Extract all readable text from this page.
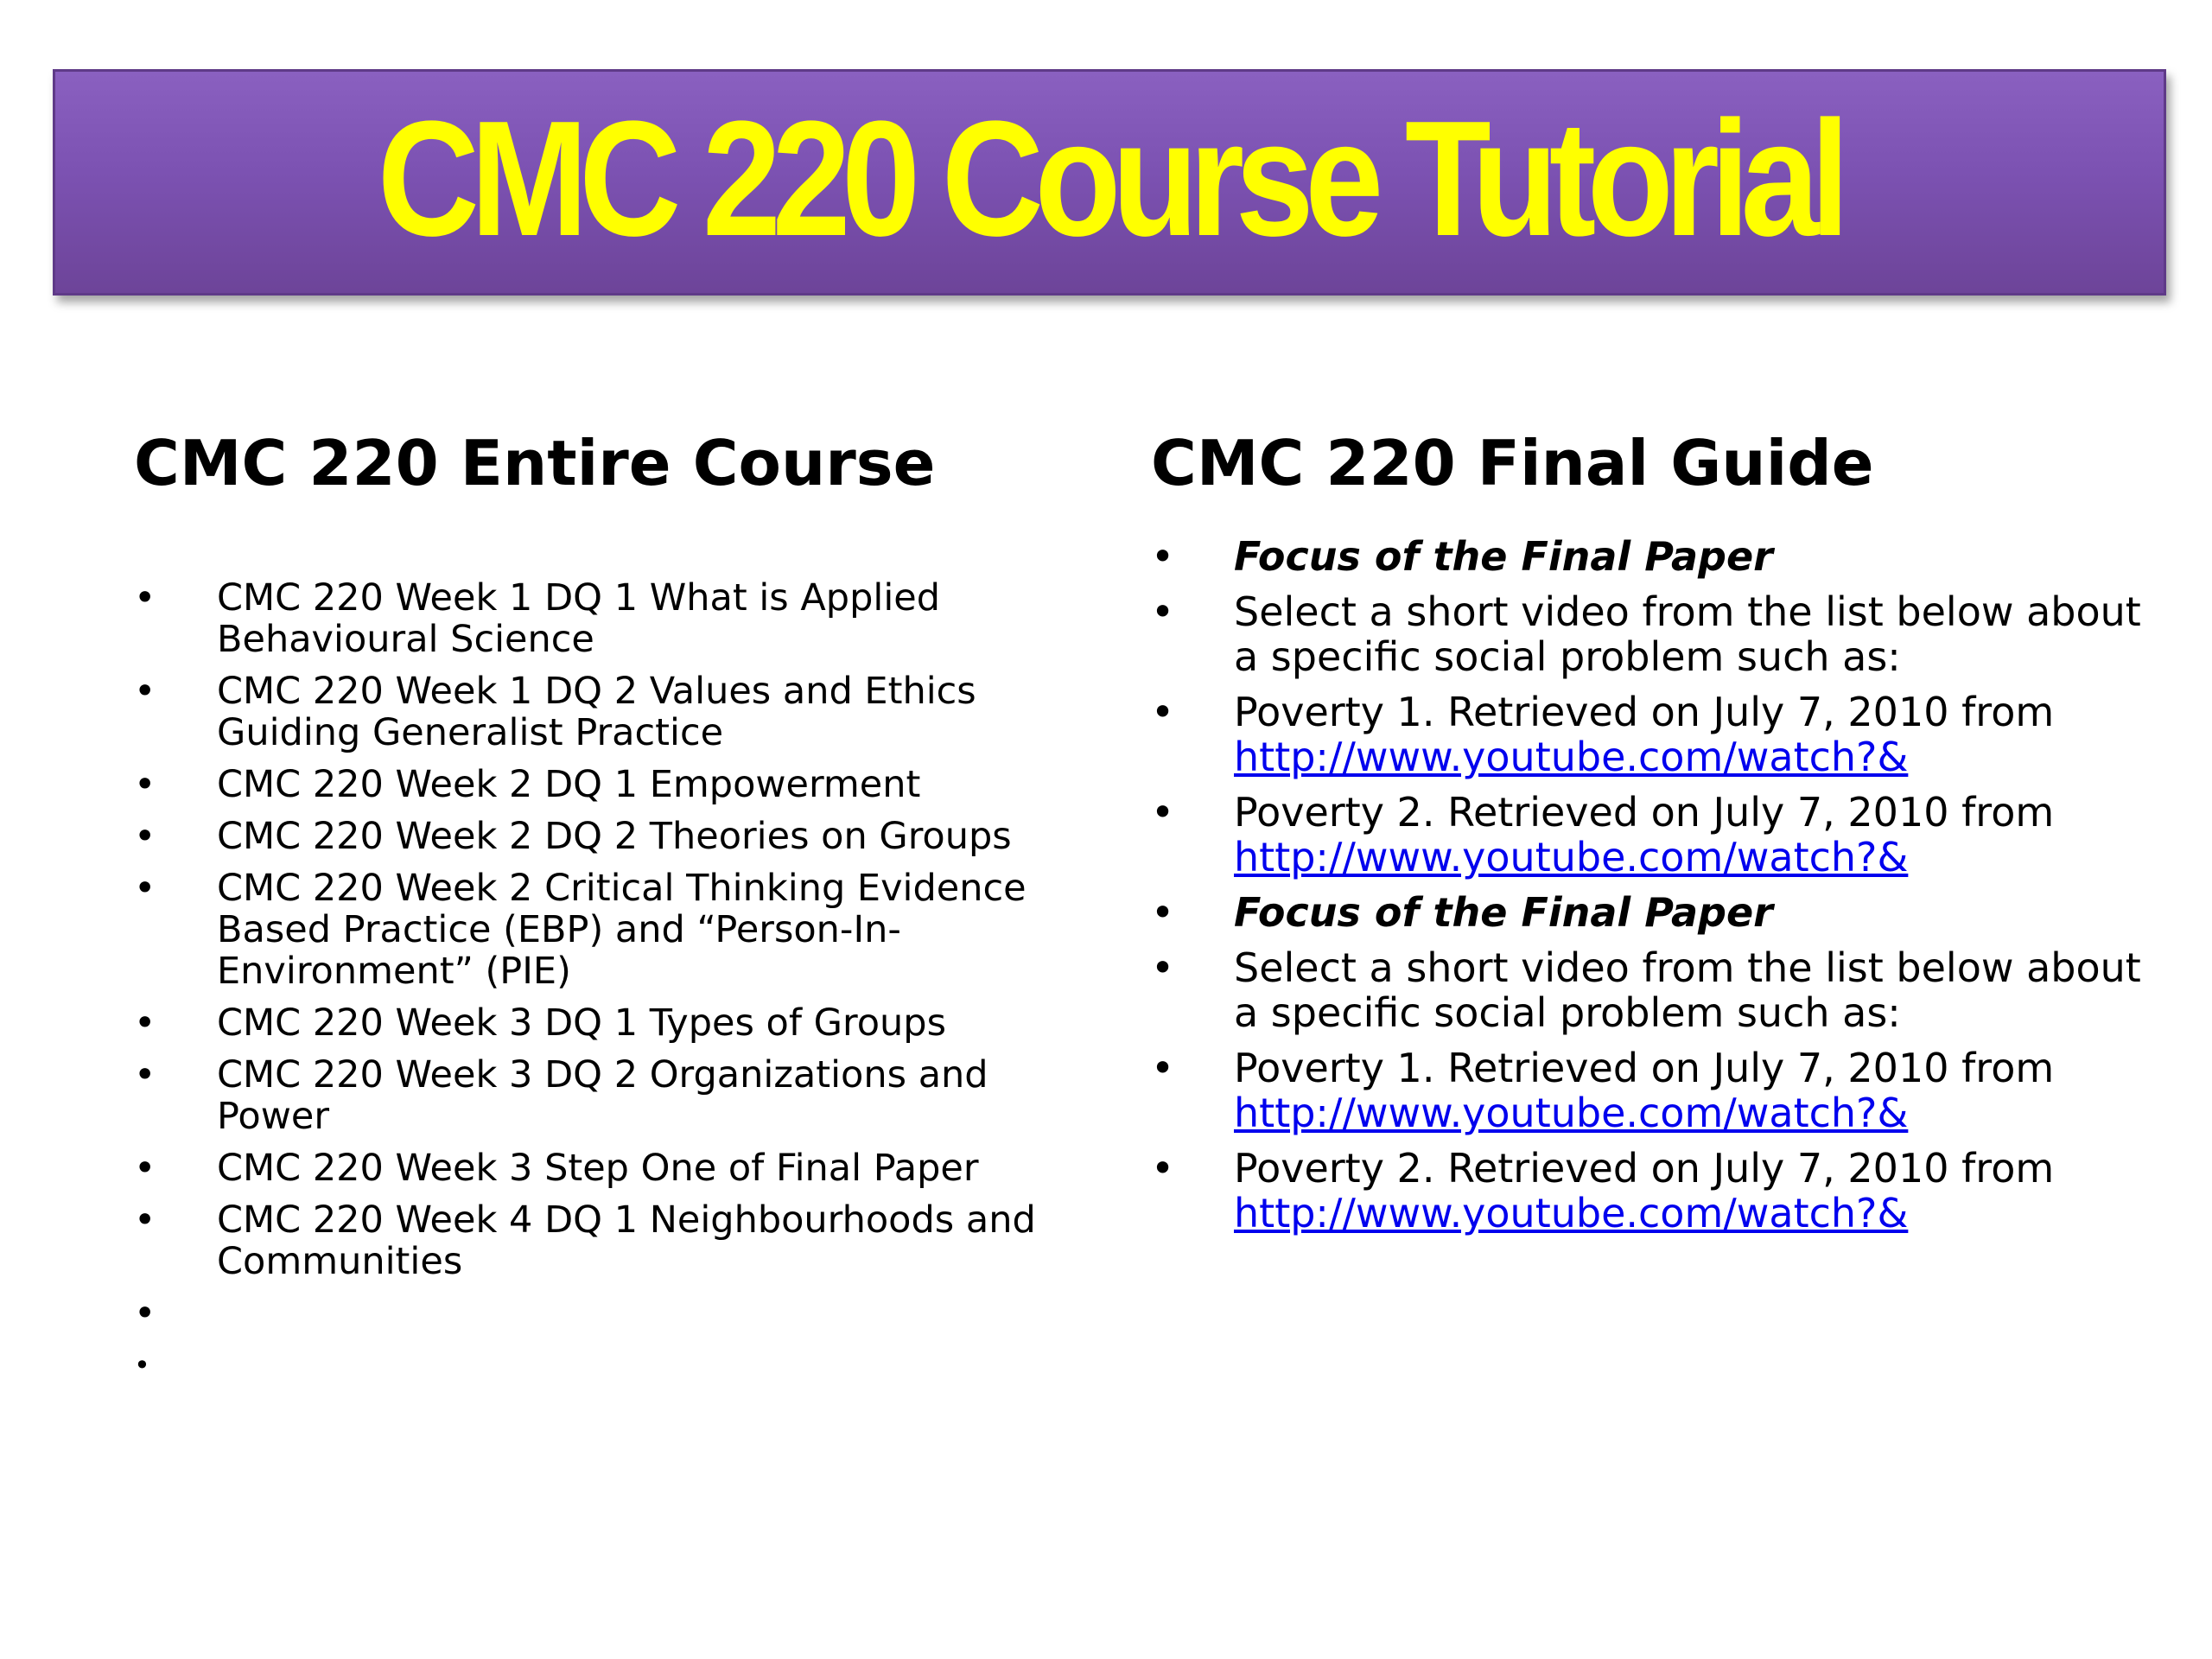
CMC 220 Course Tutorial
CMC 220 Entire Course
• CMC 220 Week 1 DQ 1 What is Applied Behavioural Science
• CMC 220 Week 1 DQ 2 Values and Ethics Guiding Generalist Practice
• CMC 220 Week 2 DQ 1 Empowerment
• CMC 220 Week 2 DQ 2 Theories on Groups
• CMC 220 Week 2 Critical Thinking Evidence Based Practice (EBP) and “Person-In-Environment” (PIE)
• CMC 220 Week 3 DQ 1 Types of Groups
• CMC 220 Week 3 DQ 2 Organizations and Power
• CMC 220 Week 3 Step One of Final Paper
• CMC 220 Week 4 DQ 1 Neighbourhoods and Communities
•
•
CMC 220 Final Guide
• Focus of the Final Paper
• Select a short video from the list below about a specific social problem such as:
• Poverty 1. Retrieved on July 7, 2010 from
http://www.youtube.com/watch?&
• Poverty 2. Retrieved on July 7, 2010 from
http://www.youtube.com/watch?&
• Focus of the Final Paper
• Select a short video from the list below about a specific social problem such as:
• Poverty 1. Retrieved on July 7, 2010 from
http://www.youtube.com/watch?&
• Poverty 2. Retrieved on July 7, 2010 from
http://www.youtube.com/watch?&
